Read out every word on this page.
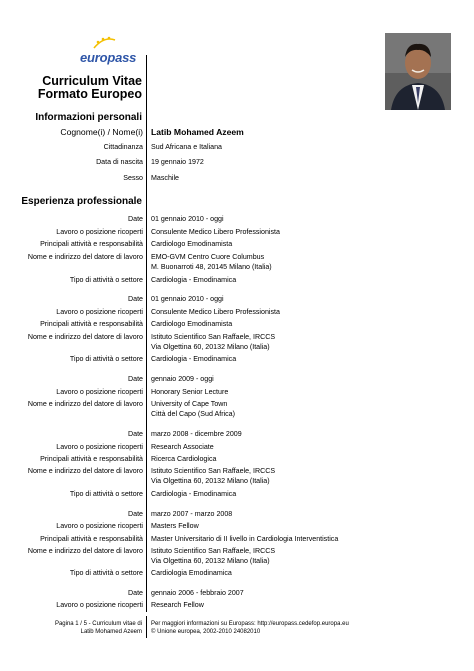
europass
Curriculum Vitae
Formato Europeo
Informazioni personali
Cognome(i) / Nome(i) Latib Mohamed Azeem
Cittadinanza Sud Africana e Italiana
Data di nascita 19 gennaio 1972
Sesso Maschile
Esperienza professionale
Date 01 gennaio 2010 - oggi
Lavoro o posizione ricoperti Consulente Medico Libero Professionista
Principali attività e responsabilità Cardiologo Emodinamista
Nome e indirizzo del datore di lavoro EMO-GVM Centro Cuore Columbus
M. Buonarroti 48, 20145 Milano (Italia)
Tipo di attività o settore Cardiologia - Emodinamica
Date 01 gennaio 2010 - oggi
Lavoro o posizione ricoperti Consulente Medico Libero Professionista
Principali attività e responsabilità Cardiologo Emodinamista
Nome e indirizzo del datore di lavoro Istituto Scientifico San Raffaele, IRCCS
Via Olgettina 60, 20132 Milano (Italia)
Tipo di attività o settore Cardiologia - Emodinamica
Date gennaio 2009 - oggi
Lavoro o posizione ricoperti Honorary Senior Lecture
Nome e indirizzo del datore di lavoro University of Cape Town
Città del Capo (Sud Africa)
Date marzo 2008 - dicembre 2009
Lavoro o posizione ricoperti Research Associate
Principali attività e responsabilità Ricerca Cardiologica
Nome e indirizzo del datore di lavoro Istituto Scientifico San Raffaele, IRCCS
Via Olgettina 60, 20132 Milano (Italia)
Tipo di attività o settore Cardiologia - Emodinamica
Date marzo 2007 - marzo 2008
Lavoro o posizione ricoperti Masters Fellow
Principali attività e responsabilità Master Universitario di II livello in Cardiologia Interventistica
Nome e indirizzo del datore di lavoro Istituto Scientifico San Raffaele, IRCCS
Via Olgettina 60, 20132 Milano (Italia)
Tipo di attività o settore Cardiologia Emodinamica
Date gennaio 2006 - febbraio 2007
Lavoro o posizione ricoperti Research Fellow
Pagina 1 / 5 - Curriculum vitae di
Latib Mohamed Azeem
Per maggiori informazioni su Europass: http://europass.cedefop.europa.eu
© Unione europea, 2002-2010 24082010
